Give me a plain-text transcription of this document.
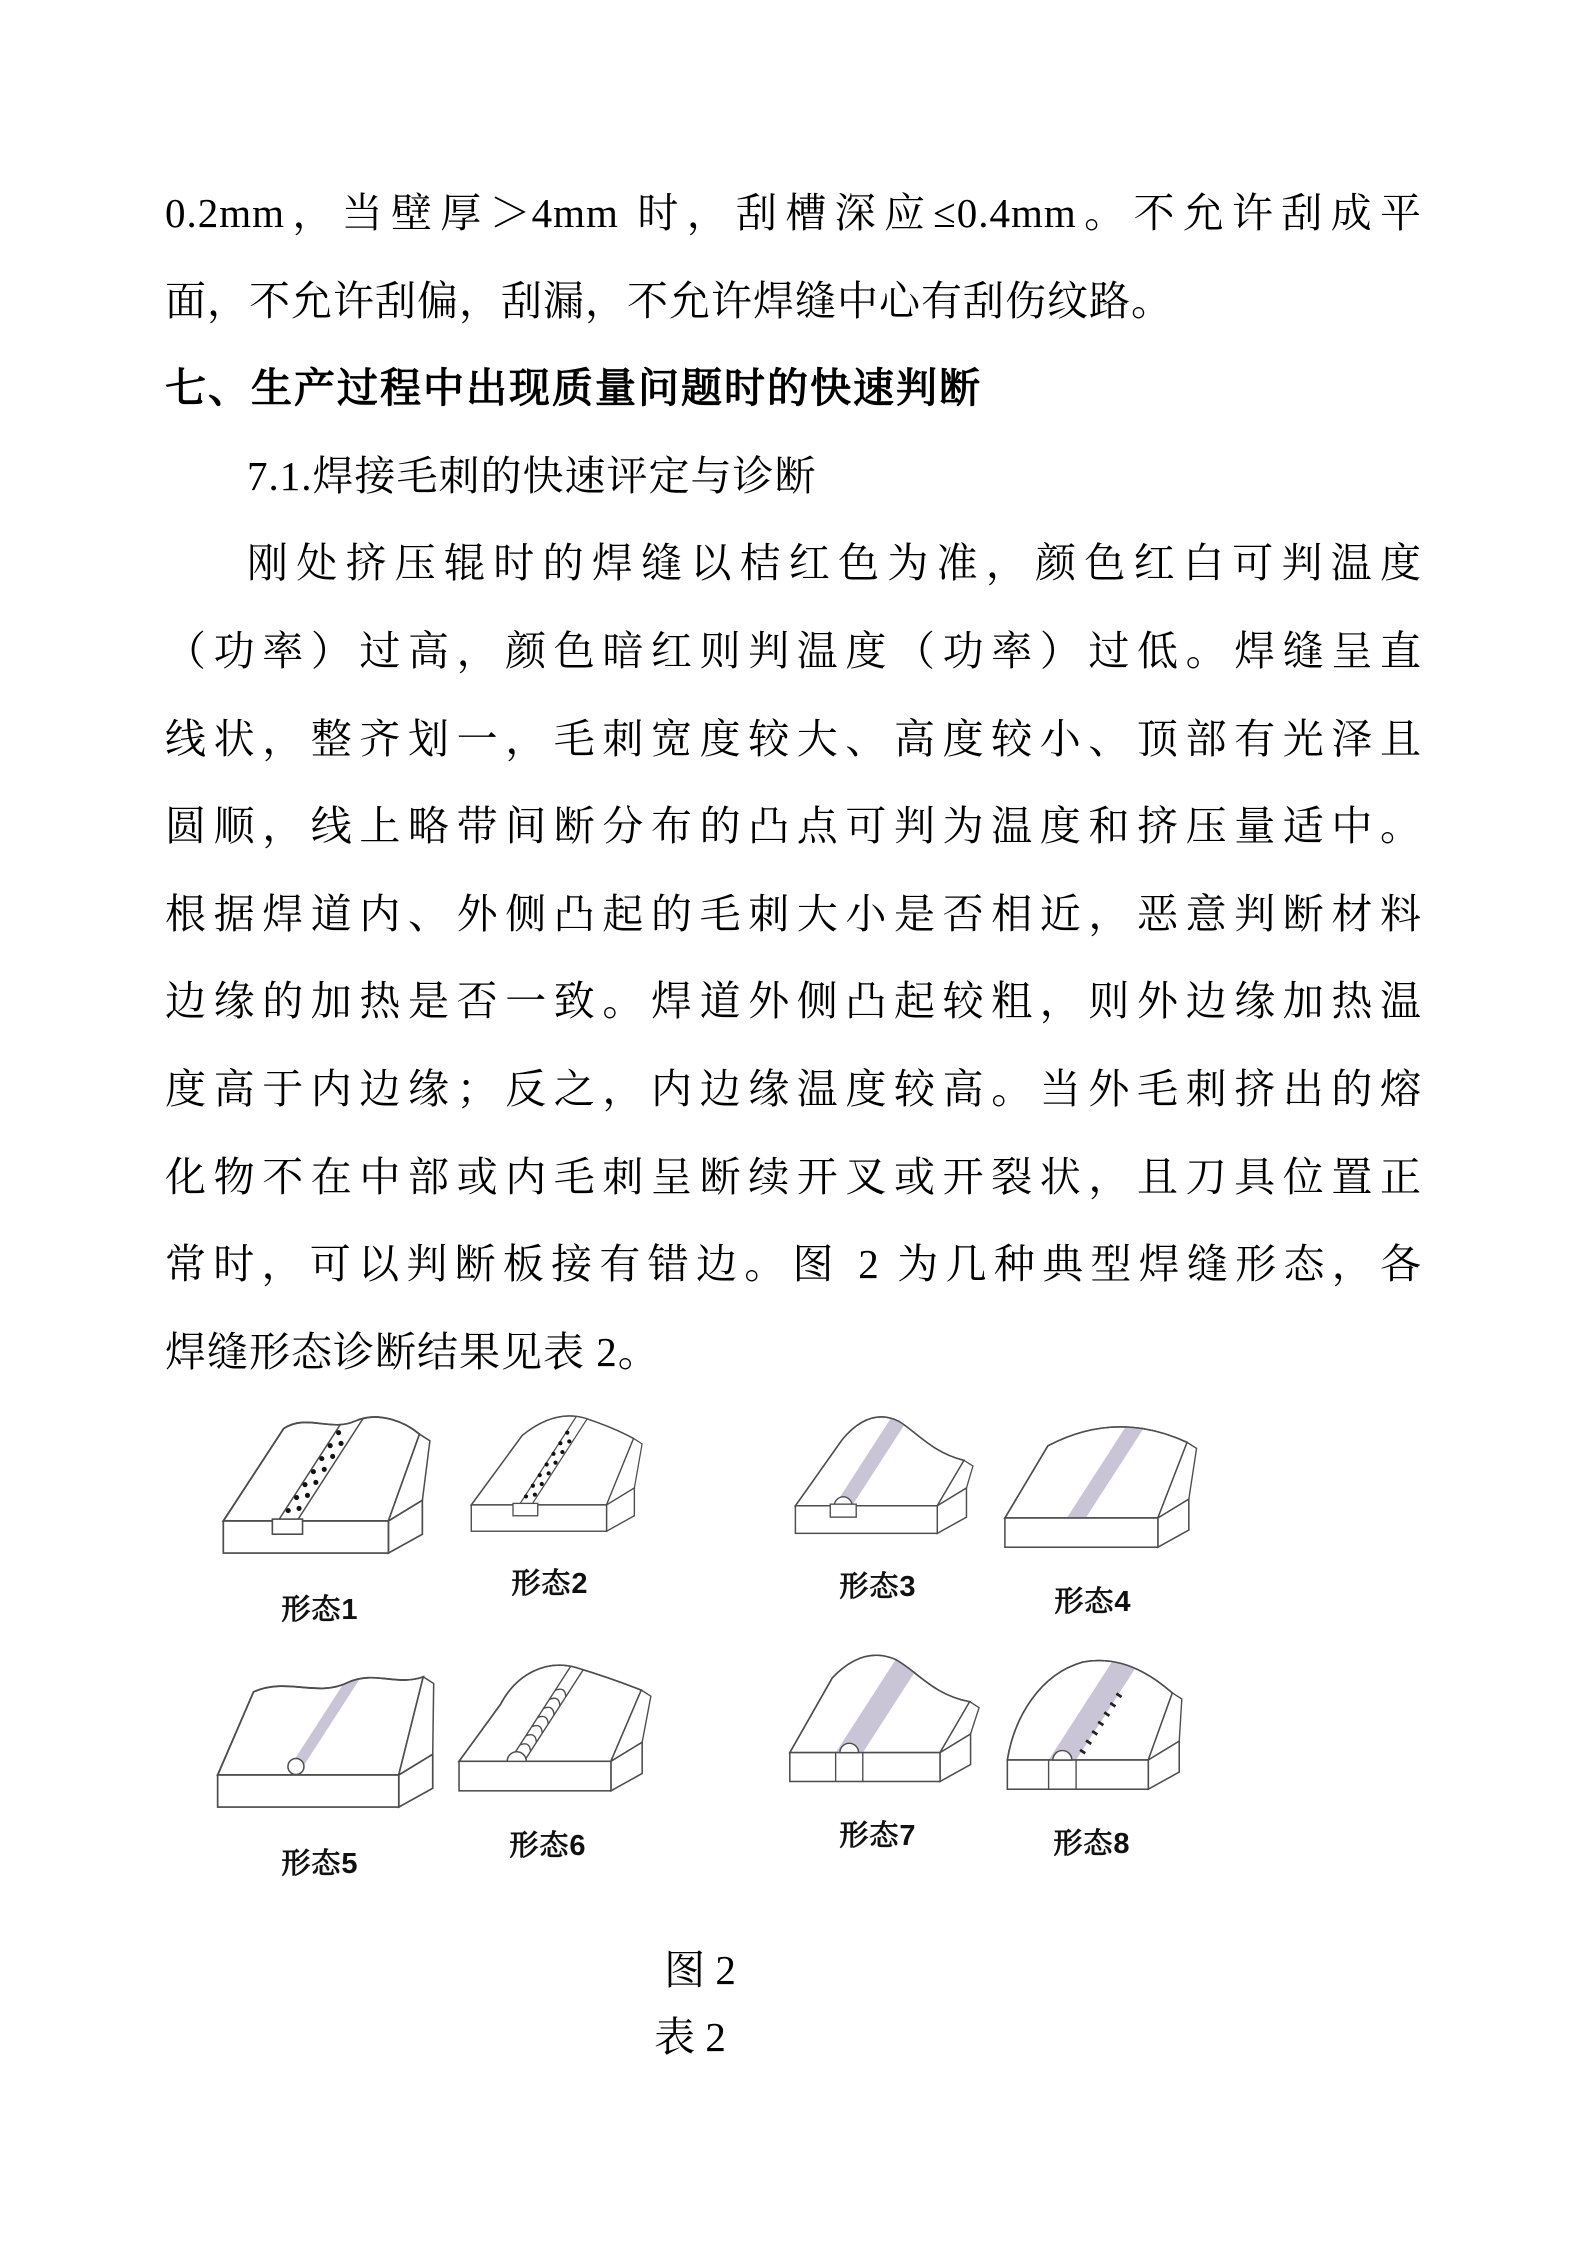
0.2mm，当壁厚＞4mm 时，刮槽深应≤0.4mm。不允许刮成平
面，不允许刮偏，刮漏，不允许焊缝中心有刮伤纹路。
七、生产过程中出现质量问题时的快速判断
7.1.焊接毛刺的快速评定与诊断
刚处挤压辊时的焊缝以桔红色为准，颜色红白可判温度
（功率）过高，颜色暗红则判温度（功率）过低。焊缝呈直
线状，整齐划一，毛刺宽度较大、高度较小、顶部有光泽且
圆顺，线上略带间断分布的凸点可判为温度和挤压量适中。
根据焊道内、外侧凸起的毛刺大小是否相近，恶意判断材料
边缘的加热是否一致。焊道外侧凸起较粗，则外边缘加热温
度高于内边缘；反之，内边缘温度较高。当外毛刺挤出的熔
化物不在中部或内毛刺呈断续开叉或开裂状，且刀具位置正
常时，可以判断板接有错边。图 2 为几种典型焊缝形态，各
焊缝形态诊断结果见表 2。
图 2
表 2
形态1
形态2	形态3	形态4
形态5
形态6	形态7	形态8
